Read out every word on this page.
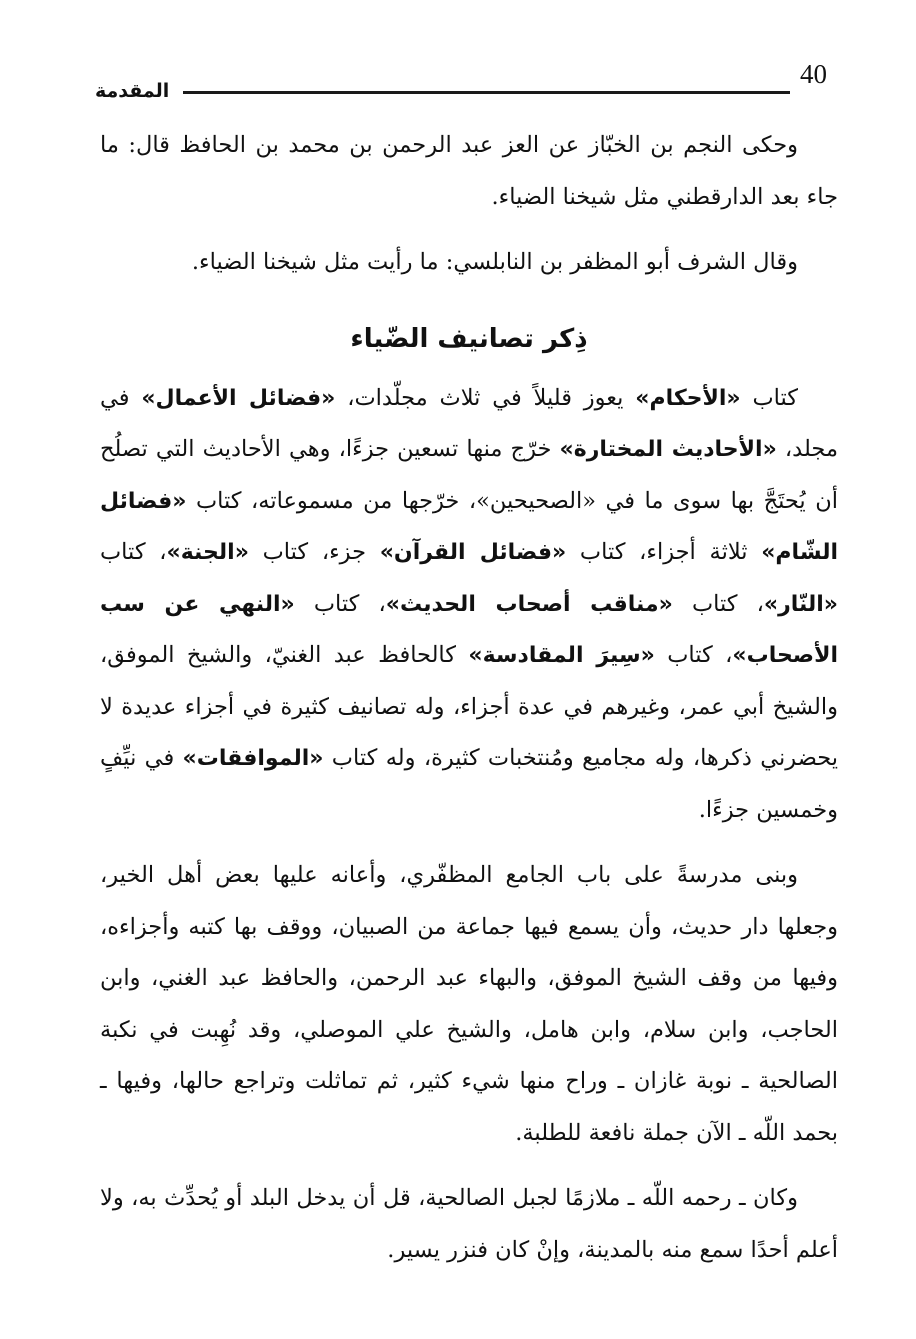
40
المقدمة

وحكى النجم بن الخبّاز عن العز عبد الرحمن بن محمد بن الحافظ قال: ما جاء بعد الدارقطني مثل شيخنا الضياء.

وقال الشرف أبو المظفر بن النابلسي: ما رأيت مثل شيخنا الضياء.

ذِكر تصانيف الضّياء

كتاب «الأحكام» يعوز قليلاً في ثلاث مجلّدات، «فضائل الأعمال» في مجلد، «الأحاديث المختارة» خرّج منها تسعين جزءًا، وهي الأحاديث التي تصلُح أن يُحتَجَّ بها سوى ما في «الصحيحين»، خرّجها من مسموعاته، كتاب «فضائل الشّام» ثلاثة أجزاء، كتاب «فضائل القرآن» جزء، كتاب «الجنة»، كتاب «النّار»، كتاب «مناقب أصحاب الحديث»، كتاب «النهي عن سب الأصحاب»، كتاب «سِيرَ المقادسة» كالحافظ عبد الغنيّ، والشيخ الموفق، والشيخ أبي عمر، وغيرهم في عدة أجزاء، وله تصانيف كثيرة في أجزاء عديدة لا يحضرني ذكرها، وله مجاميع ومُنتخبات كثيرة، وله كتاب «الموافقات» في نيِّفٍ وخمسين جزءًا.

وبنى مدرسةً على باب الجامع المظفّري، وأعانه عليها بعض أهل الخير، وجعلها دار حديث، وأن يسمع فيها جماعة من الصبيان، ووقف بها كتبه وأجزاءه، وفيها من وقف الشيخ الموفق، والبهاء عبد الرحمن، والحافظ عبد الغني، وابن الحاجب، وابن سلام، وابن هامل، والشيخ علي الموصلي، وقد نُهِبت في نكبة الصالحية ـ نوبة غازان ـ وراح منها شيء كثير، ثم تماثلت وتراجع حالها، وفيها ـ بحمد اللّه ـ الآن جملة نافعة للطلبة.

وكان ـ رحمه اللّه ـ ملازمًا لجبل الصالحية، قل أن يدخل البلد أو يُحدِّث به، ولا أعلم أحدًا سمع منه بالمدينة، وإنْ كان فنزر يسير.
